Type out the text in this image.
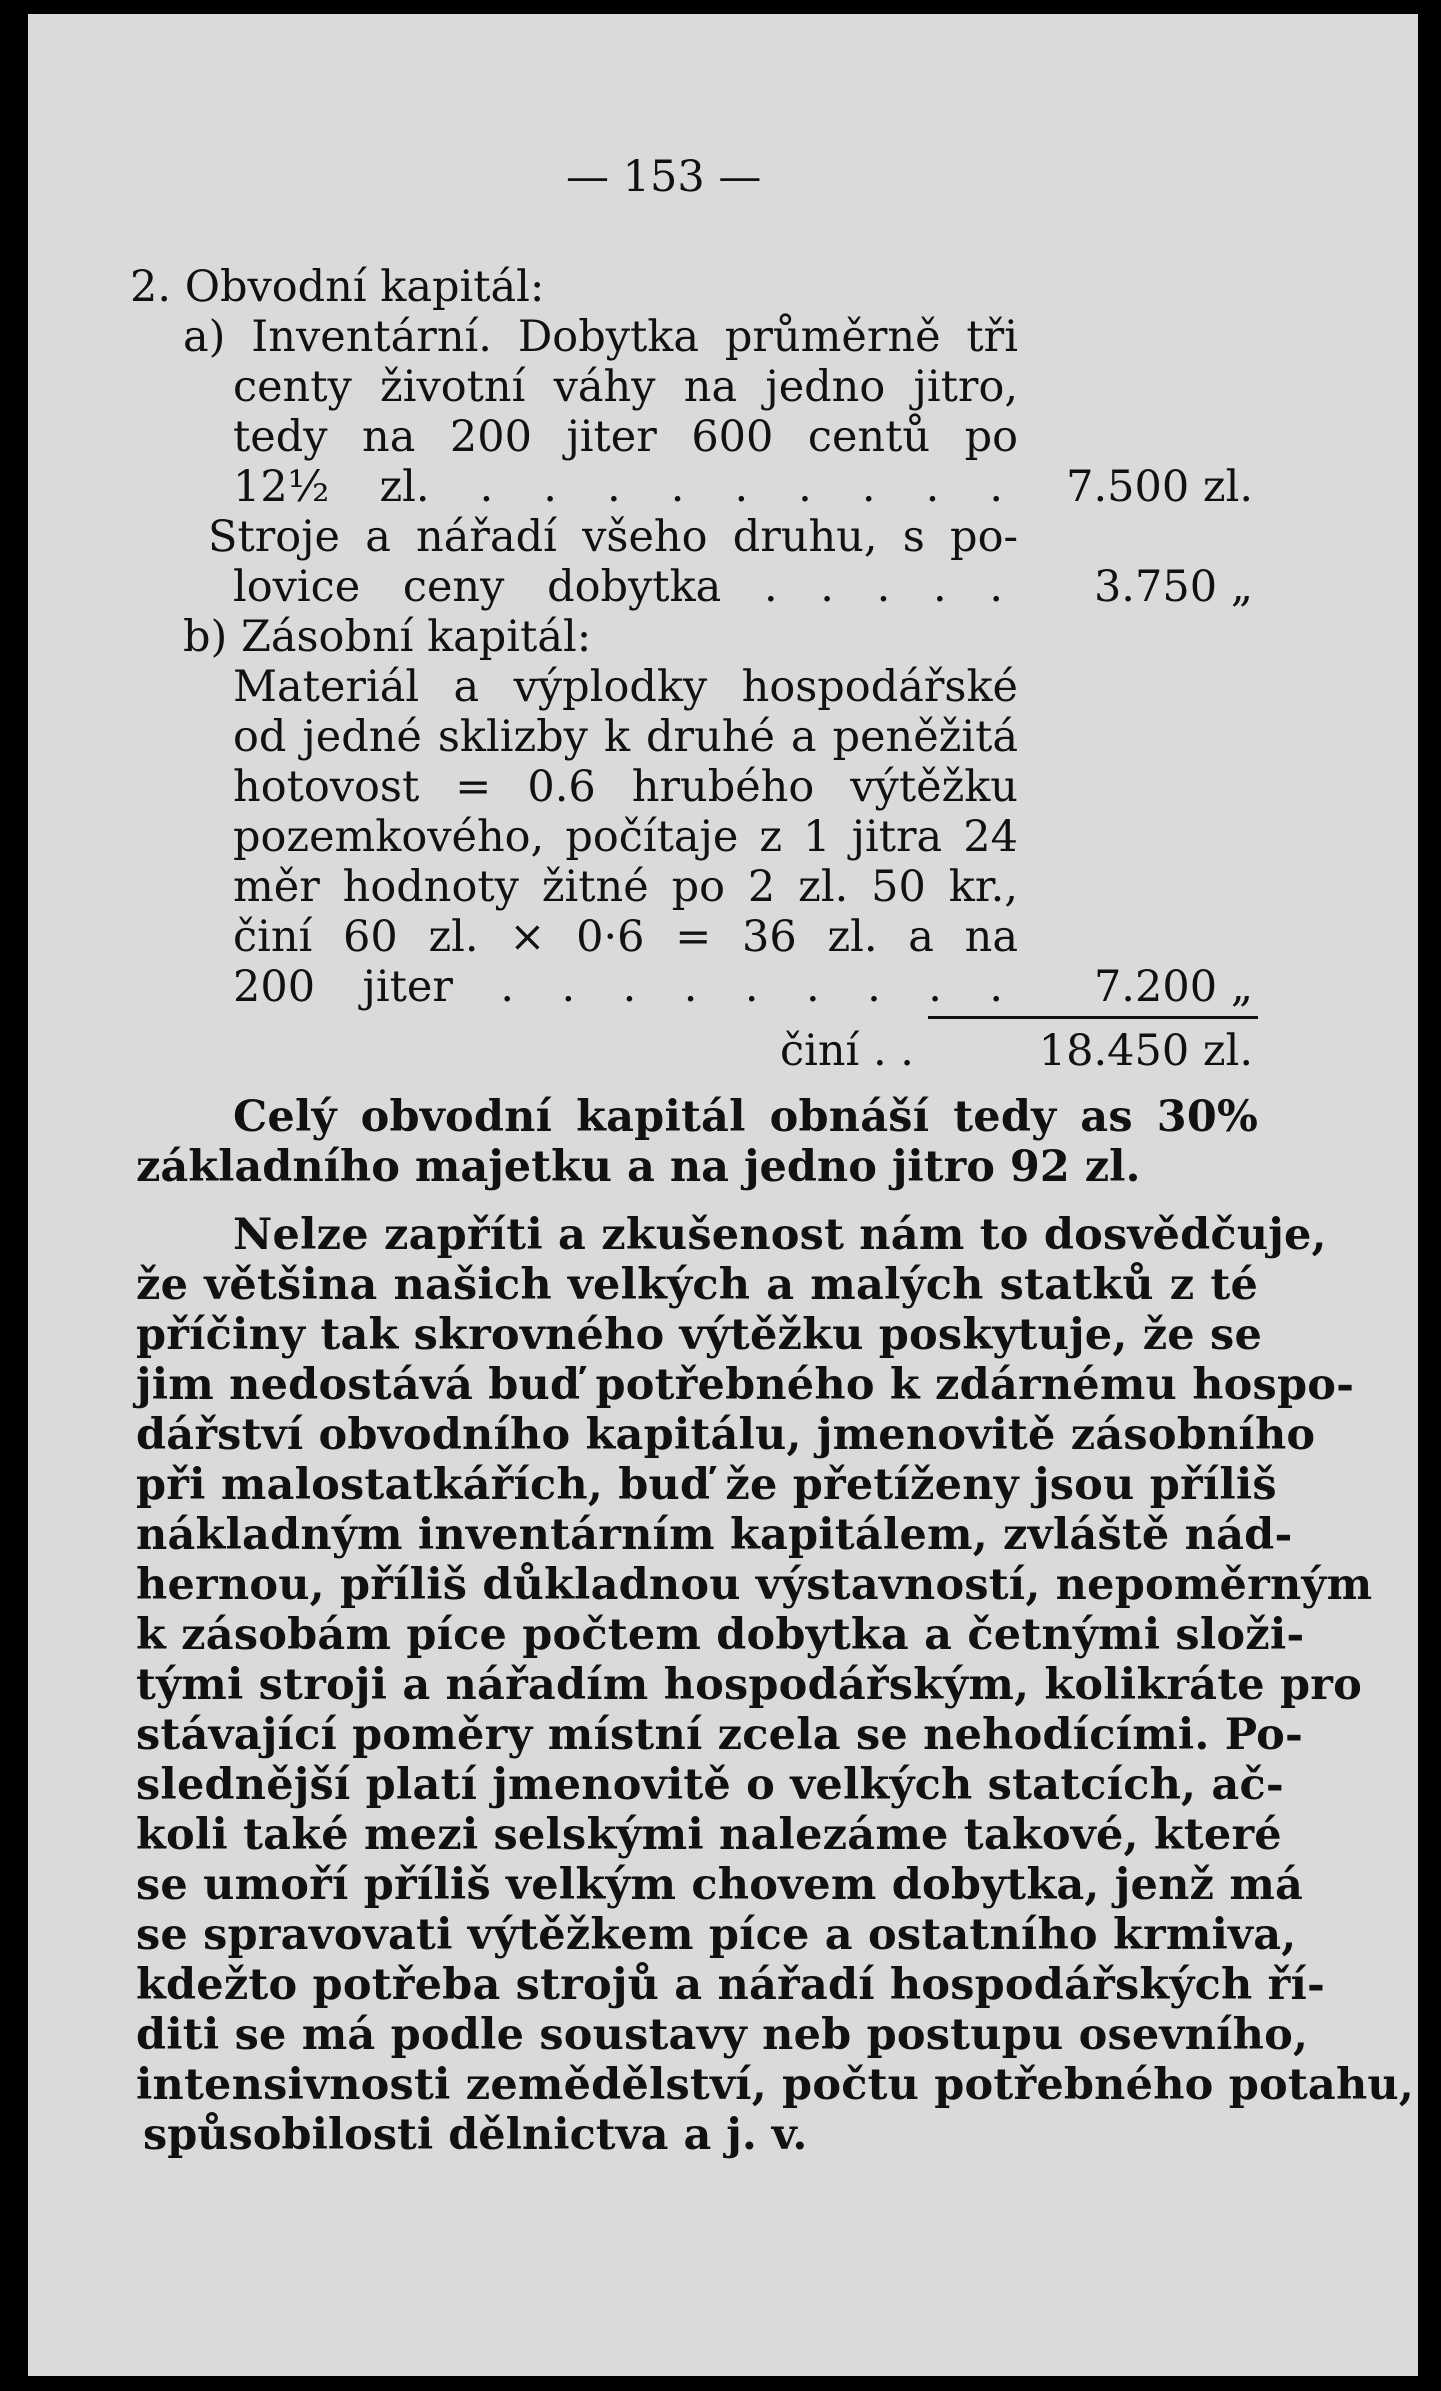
— 153 —
2. Obvodní kapitál:
a) Inventární. Dobytka průměrně tři
centy životní váhy na jedno jitro,
tedy na 200 jiter 600 centů po
12½ zl. . . . . . . . . .	7.500 zl.
Stroje a nářadí všeho druhu, s po-
lovice ceny dobytka . . . . .	3.750 „
b) Zásobní kapitál:
Materiál a výplodky hospodářské
od jedné sklizby k druhé a peněžitá
hotovost = 0.6 hrubého výtěžku
pozemkového, počítaje z 1 jitra 24
měr hodnoty žitné po 2 zl. 50 kr.,
činí 60 zl. × 0·6 = 36 zl. a na
200 jiter . . . . . . . . .	7.200 „
činí . .	18.450 zl.
Celý obvodní kapitál obnáší tedy as 30%
základního majetku a na jedno jitro 92 zl.
Nelze zapříti a zkušenost nám to dosvědčuje,
že většina našich velkých a malých statků z té
příčiny tak skrovného výtěžku poskytuje, že se
jim nedostává buď potřebného k zdárnému hospo-
dářství obvodního kapitálu, jmenovitě zásobního
při malostatkářích, buď že přetíženy jsou příliš
nákladným inventárním kapitálem, zvláště nád-
hernou, příliš důkladnou výstavností, nepoměrným
k zásobám píce počtem dobytka a četnými složi-
tými stroji a nářadím hospodářským, kolikráte pro
stávající poměry místní zcela se nehodícími. Po-
slednější platí jmenovitě o velkých statcích, ač-
koli také mezi selskými nalezáme takové, které
se umoří příliš velkým chovem dobytka, jenž má
se spravovati výtěžkem píce a ostatního krmiva,
kdežto potřeba strojů a nářadí hospodářských ří-
diti se má podle soustavy neb postupu osevního,
intensivnosti zemědělství, počtu potřebného potahu,
spůsobilosti dělnictva a j. v.
